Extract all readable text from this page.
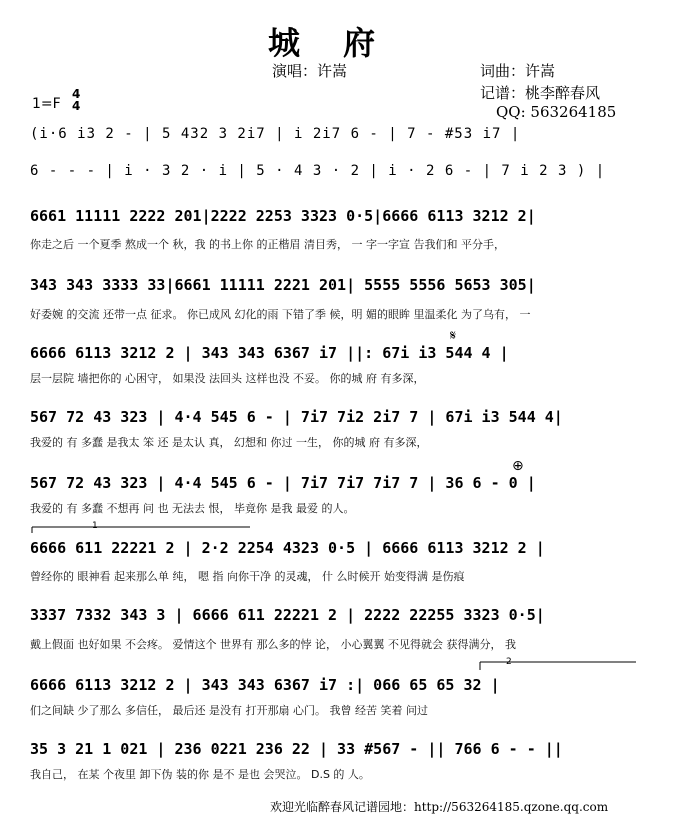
城 府
演唱：许嵩	词曲：许嵩
记谱：桃李醉春风
QQ: 563264185
1=F
4
4
(i·6 i3 2 - | 5 432 3 2i7 | i 2i7 6 - | 7 - #53 i7 |
6 - - - | i · 3 2 · i | 5 · 4 3 · 2 | i · 2 6 - | 7 i 2 3 ) |
6661 11111 2222 201|2222 2253 3323 0·5|6666 6113 3212 2|
你走之后 一个夏季 熬成一个 秋，我 的书上你 的正楷眉 清目秀， 一 字一字宣 告我们和 平分手，
343 343 3333 33|6661 11111 2221 201| 5555 5556 5653 305|
好委婉 的交流 还带一点 征求。 你已成风 幻化的雨 下错了季 候，明 媚的眼眸 里温柔化 为了乌有， 一
6666 6113 3212 2 | 343 343 6367 i7 ||: 67i i3 544 4 |
层一层院 墙把你的 心困守， 如果没 法回头 这样也没 不妥。 你的城 府 有多深，
567 72 43 323 | 4·4 545 6 - | 7i7 7i2 2i7 7 | 67i i3 544 4|
我爱的 有 多蠢 是我太 笨 还 是太认 真， 幻想和 你过 一生， 你的城 府 有多深，
567 72 43 323 | 4·4 545 6 - | 7i7 7i7 7i7 7 | 36 6 - 0 |
我爱的 有 多蠢 不想再 问 也 无法去 恨， 毕竟你 是我 最爱 的人。
6666 611 22221 2 | 2·2 2254 4323 0·5 | 6666 6113 3212 2 |
曾经你的 眼神看 起来那么单 纯， 嗯 指 向你干净 的灵魂， 什 么时候开 始变得满 是伤痕
3337 7332 343 3 | 6666 611 22221 2 | 2222 22255 3323 0·5|
戴上假面 也好如果 不会疼。 爱情这个 世界有 那么多的悖 论， 小心翼翼 不见得就会 获得满分， 我
6666 6113 3212 2 | 343 343 6367 i7 :| 066 65 65 32 |
们之间缺 少了那么 多信任， 最后还 是没有 打开那扇 心门。 我曾 经苦 笑着 问过
35 3 21 1 021 | 236 0221 236 22 | 33 #567 - || 766 6 - - ||
我自己， 在某 个夜里 卸下伪 装的你 是不 是也 会哭泣。 D.S 的 人。
𝄋
⊕
1
2
欢迎光临醉春风记谱园地：http://563264185.qzone.qq.com
